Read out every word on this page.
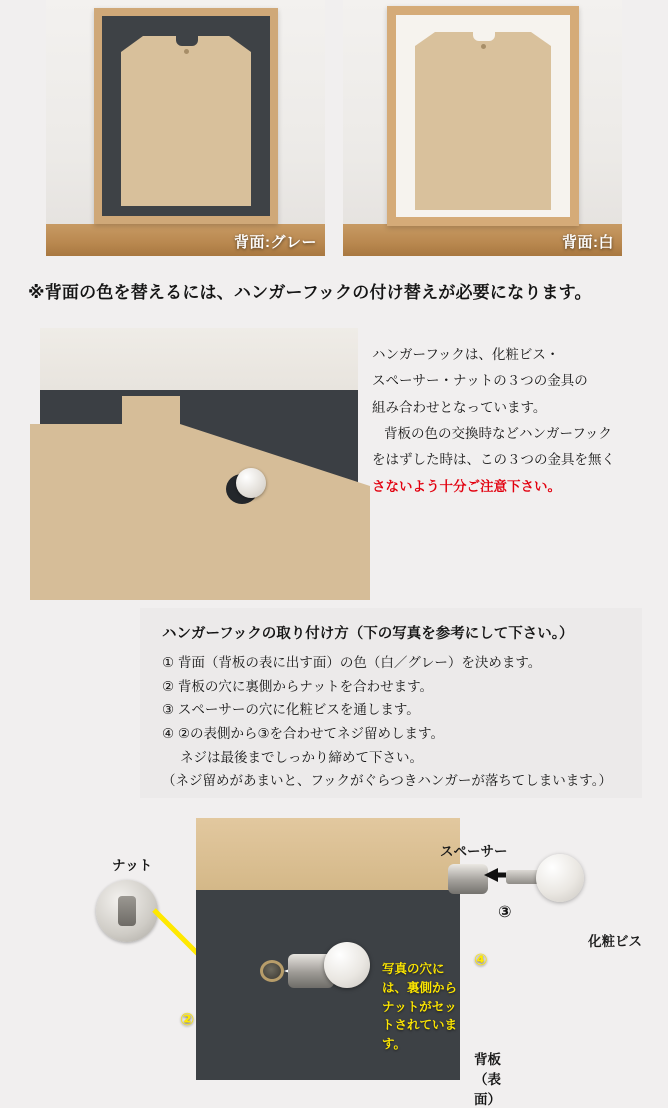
背面:グレー	背面:白
※背面の色を替えるには、ハンガーフックの付け替えが必要になります。

ハンガーフックは、化粧ビス・

スペーサー・ナットの３つの金具の

組み合わせとなっています。

背板の色の交換時などハンガーフック

をはずした時は、この３つの金具を無く

さないよう十分ご注意下さい。

ハンガーフックの取り付け方（下の写真を参考にして下さい。）

① 背面（背板の表に出す面）の色（白／グレー）を決めます。

② 背板の穴に裏側からナットを合わせます。

③ スペーサーの穴に化粧ビスを通します。

④ ②の表側から③を合わせてネジ留めします。

ネジは最後までしっかり締めて下さい。

（ネジ留めがあまいと、フックがぐらつきハンガーが落ちてしまいます。）

ナット
写真の穴には、裏側から
ナットがセットされています。
④
背板（表面）
②
スペーサー
③
化粧ビス
